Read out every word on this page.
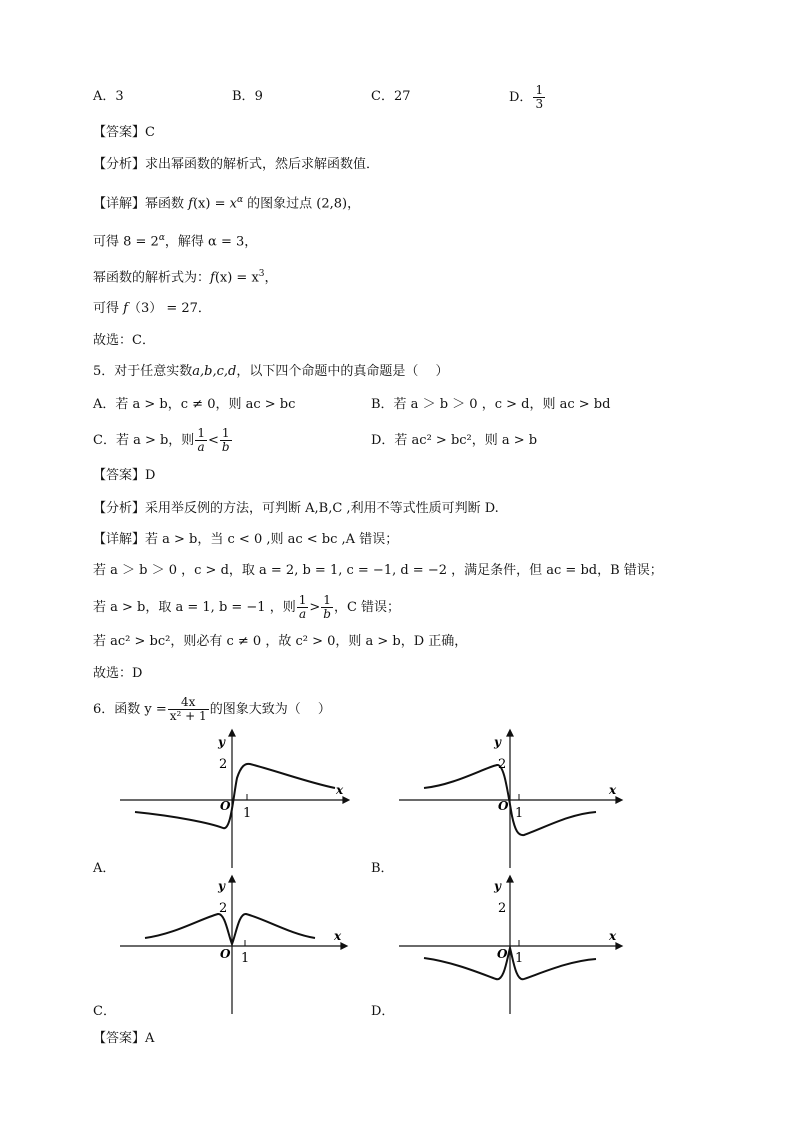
A．3	B．9	C．27	D． $\frac{1}{3}$
【答案】C
【分析】求出幂函数的解析式，然后求解函数值．
【详解】幂函数 $f(x) = x^\alpha$ 的图象过点 (2,8)，
可得 $8 = 2^\alpha$，解得 α = 3，
幂函数的解析式为：$f(x) = x^3$，
可得 f（3） = 27．
故选：C．
5．对于任意实数a,b,c,d，以下四个命题中的真命题是（　 ）
A．若 a > b，c ≠ 0，则 ac > bc	B．若 a ＞ b ＞ 0 ，c > d，则 ac > bd
C．若 a > b，则 $\frac{1}{a} < \frac{1}{b}$	D．若 ac² > bc²，则 a > b
【答案】D
【分析】采用举反例的方法，可判断 A,B,C ,利用不等式性质可判断 D.
【详解】若 a > b，当 c < 0 ,则 ac < bc ,A 错误；
若 a ＞ b ＞ 0 ，c > d，取 a = 2, b = 1, c = −1, d = −2 ，满足条件，但 ac = bd，B 错误；
若 a > b，取 a = 1, b = −1 ，则 $\frac{1}{a} > \frac{1}{b}$ ，C 错误；
若 ac² > bc²，则必有 c ≠ 0 ，故 c² > 0，则 a > b，D 正确，
故选：D
6．函数 $y = \frac{4x}{\text{x² + 1}}$ 的图象大致为（　 ）
y
x
O 1
2
A．
y
x
O 1
2
B．
y
x
O 1
2
C．
y
x
O 1
2
D．
【答案】A
